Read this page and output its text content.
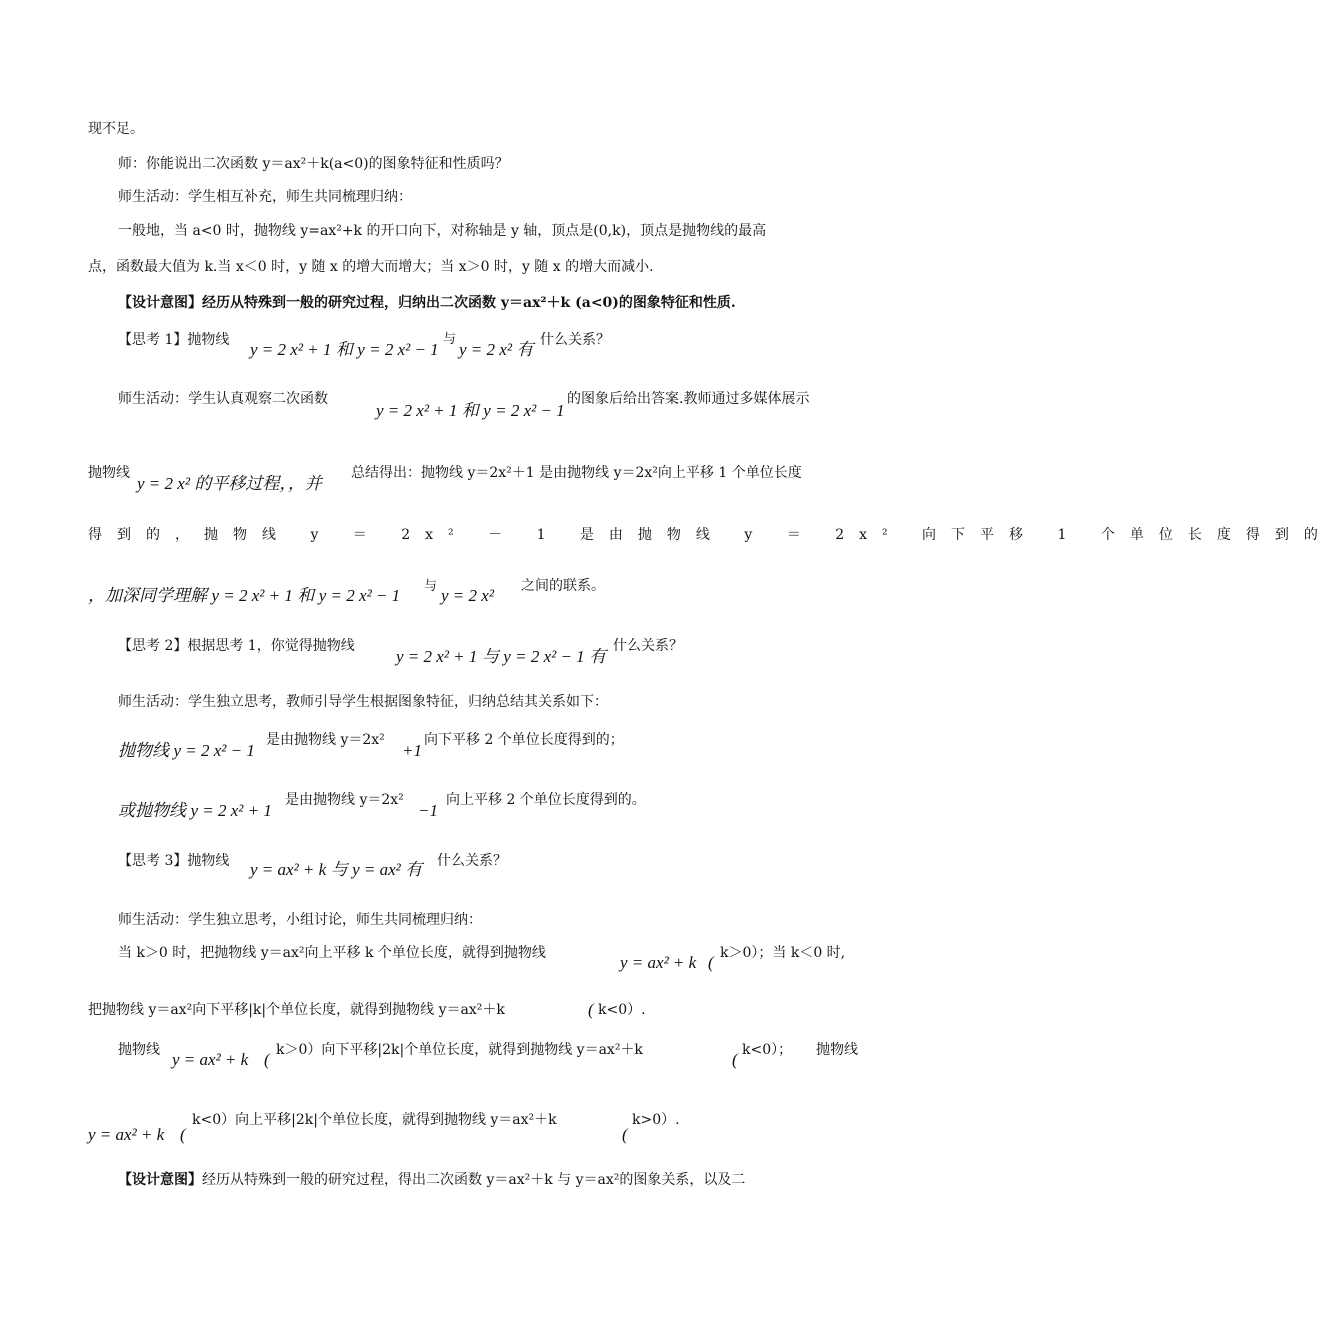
现不足。
师：你能说出二次函数 y＝ax²＋k(a<0)的图象特征和性质吗？
师生活动：学生相互补充，师生共同梳理归纳：
一般地，当 a<0 时，抛物线 y=ax²+k 的开口向下，对称轴是 y 轴，顶点是(0,k)，顶点是抛物线的最高
点，函数最大值为 k.当 x＜0 时，y 随 x 的增大而增大；当 x＞0 时，y 随 x 的增大而减小.
【设计意图】经历从特殊到一般的研究过程，归纳出二次函数 y＝ax²＋k (a<0)的图象特征和性质.
【思考 1】抛物线 y = 2 x² + 1 和 y = 2 x² − 1
与
y = 2 x² 有 什么关系？
师生活动：学生认真观察二次函数
y = 2 x² + 1 和 y = 2 x² − 1
的图象后给出答案.教师通过多媒体展示
抛物线
y = 2 x² 的平移过程，，并
总结得出：抛物线 y＝2x²＋1 是由抛物线 y＝2x²向上平移 1 个单位长度
得到的，抛物线 y ＝ 2x² － 1 是由抛物线 y ＝ 2x² 向下平移 1 个单位长度得到的
，加深同学理解 y = 2 x² + 1 和 y = 2 x² − 1 与 y = 2 x² 之间的联系。
【思考 2】根据思考 1，你觉得抛物线
y = 2 x² + 1 与 y = 2 x² − 1 有
什么关系？
师生活动：学生独立思考，教师引导学生根据图象特征，归纳总结其关系如下：
抛物线 y = 2 x² − 1
是由抛物线 y＝2x²
+1
向下平移 2 个单位长度得到的；
或抛物线 y = 2 x² + 1
是由抛物线 y＝2x²
−1
向上平移 2 个单位长度得到的。
【思考 3】抛物线 y = ax² + k 与 y = ax² 有 什么关系？
师生活动：学生独立思考，小组讨论，师生共同梳理归纳：
当 k＞0 时，把抛物线 y＝ax²向上平移 k 个单位长度，就得到抛物线	y = ax² + k ( k＞0）；当 k＜0 时,
把抛物线 y＝ax²向下平移|k|个单位长度，就得到抛物线 y＝ax²＋k	( k<0）.
抛物线 y = ax² + k ( k＞0）向下平移|2k|个单位长度，就得到抛物线 y＝ax²＋k	( k<0）； 抛物线
y = ax² + k (
k<0）向上平移|2k|个单位长度，就得到抛物线 y＝ax²＋k
(
k>0）.
【设计意图】经历从特殊到一般的研究过程，得出二次函数 y＝ax²＋k 与 y＝ax²的图象关系，以及二
